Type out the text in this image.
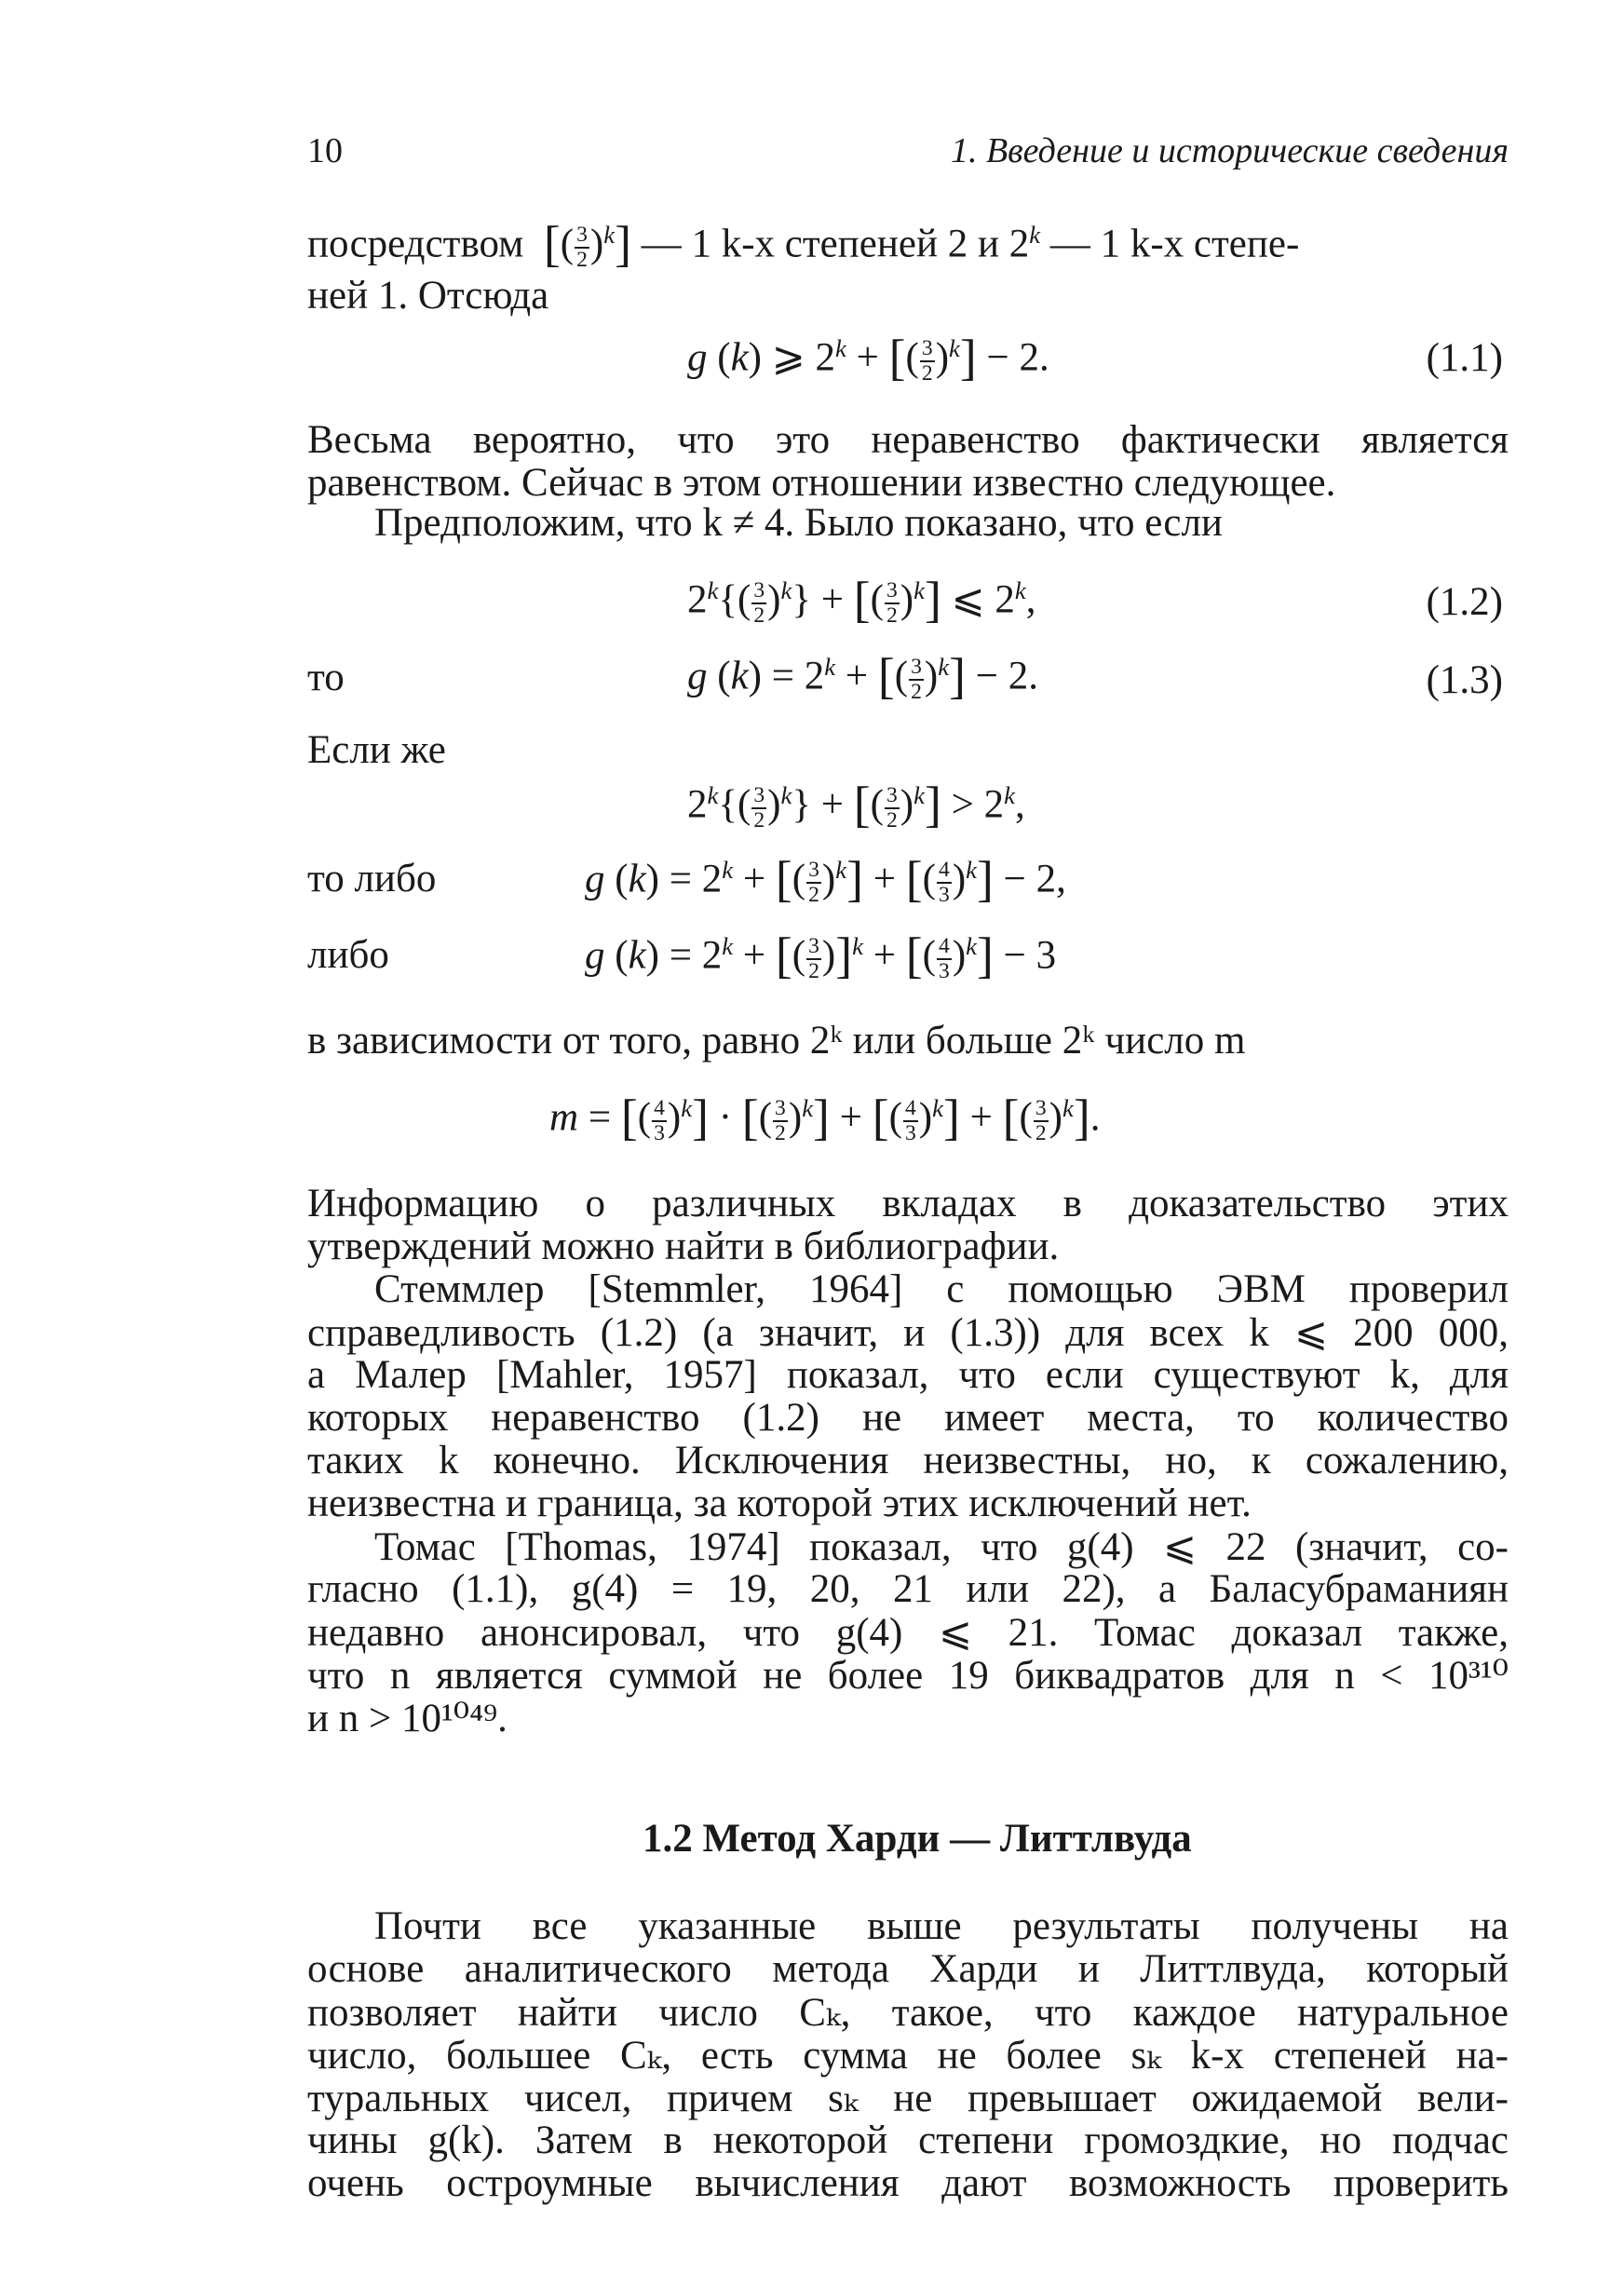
10	1. Введение и исторические сведения
посредством [( $\frac{3}{2} )^k$] — 1 k-х степеней 2 и 2$^k$ — 1 k-х степе-
ней 1. Отсюда
g (k) ⩾ $2^k$ + [( $\frac{3}{2} )^k] - 2$.	(1.1)
Весьма вероятно, что это неравенство фактически является
равенством. Сейчас в этом отношении известно следующее.
Предположим, что k ≠ 4. Было показано, что если
$2^k\{( \frac{3}{2} )^k\}$ + [( $\frac{3}{2} )^k$] ⩽ 2$^k$,	(1.2)
то	g $(k) = 2^k$ + [( $\frac{3}{2} )^k] - 2$.	(1.3)
Если же
$2^k\{( \frac{3}{2} )^k\}$ + [( $\frac{3}{2} )^k] > 2^k$,
то либо	g $(k) = 2^k$ + [( $\frac{3}{2} )^k$] + [( $\frac{4}{3} )^k] - 2$,
либо	g $(k) = 2^k$ + [( $\frac{3}{2} )]^k$ + [( $\frac{4}{3} )^k] - 3$
в зависимости от того, равно 2ᵏ или больше 2ᵏ число m
m = [( $\frac{4}{3} )^k$] · [( $\frac{3}{2} )^k$] + [( $\frac{4}{3} )^k$] + [( $\frac{3}{2} )^k$].
Информацию о различных вкладах в доказательство этих
утверждений можно найти в библиографии.
Стеммлер [Stemmler, 1964] с помощью ЭВМ проверил
справедливость (1.2) (а значит, и (1.3)) для всех k ⩽ 200 000,
а Малер [Mahler, 1957] показал, что если существуют k, для
которых неравенство (1.2) не имеет места, то количество
таких k конечно. Исключения неизвестны, но, к сожалению,
неизвестна и граница, за которой этих исключений нет.
Томас [Thomas, 1974] показал, что g(4) ⩽ 22 (значит, со-
гласно (1.1), g(4) = 19, 20, 21 или 22), а Баласубраманиян
недавно анонсировал, что g(4) ⩽ 21. Томас доказал также,
что n является суммой не более 19 биквадратов для n < 10³¹⁰
и n > 10¹⁰⁴⁹.
1.2 Метод Харди — Литтлвуда
Почти все указанные выше результаты получены на
основе аналитического метода Харди и Литтлвуда, который
позволяет найти число Cₖ, такое, что каждое натуральное
число, большее Cₖ, есть сумма не более sₖ k-х степеней на-
туральных чисел, причем sₖ не превышает ожидаемой вели-
чины g(k). Затем в некоторой степени громоздкие, но подчас
очень остроумные вычисления дают возможность проверить
